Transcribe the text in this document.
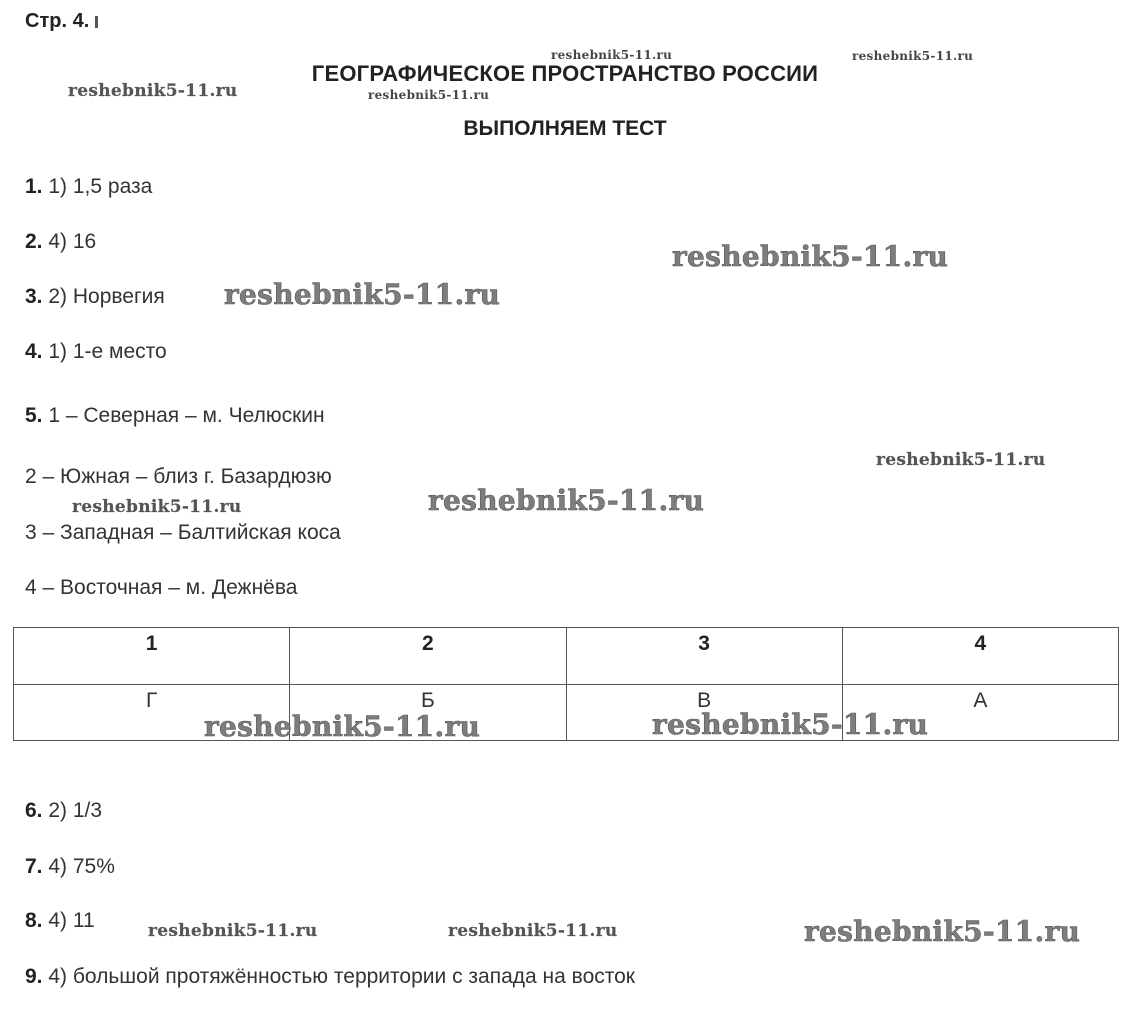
Стр. 4.
ГЕОГРАФИЧЕСКОЕ ПРОСТРАНСТВО РОССИИ
ВЫПОЛНЯЕМ ТЕСТ
1. 1) 1,5 раза
2. 4) 16
3. 2) Норвегия
4. 1) 1-е место
5. 1 – Северная – м. Челюскин
2 – Южная – близ г. Базардюзю
3 – Западная – Балтийская коса
4 – Восточная – м. Дежнёва
1	2	3	4
Г	Б	В	А
6. 2) 1/3
7. 4) 75%
8. 4) 11
9. 4) большой протяжённостью территории с запада на восток
reshebnik5-11.ru	reshebnik5-11.ru
reshebnik5-11.ru	reshebnik5-11.ru
reshebnik5-11.ru
reshebnik5-11.ru
reshebnik5-11.ru
reshebnik5-11.ru
reshebnik5-11.ru
reshebnik5-11.ru	reshebnik5-11.ru
reshebnik5-11.ru	reshebnik5-11.ru	reshebnik5-11.ru
